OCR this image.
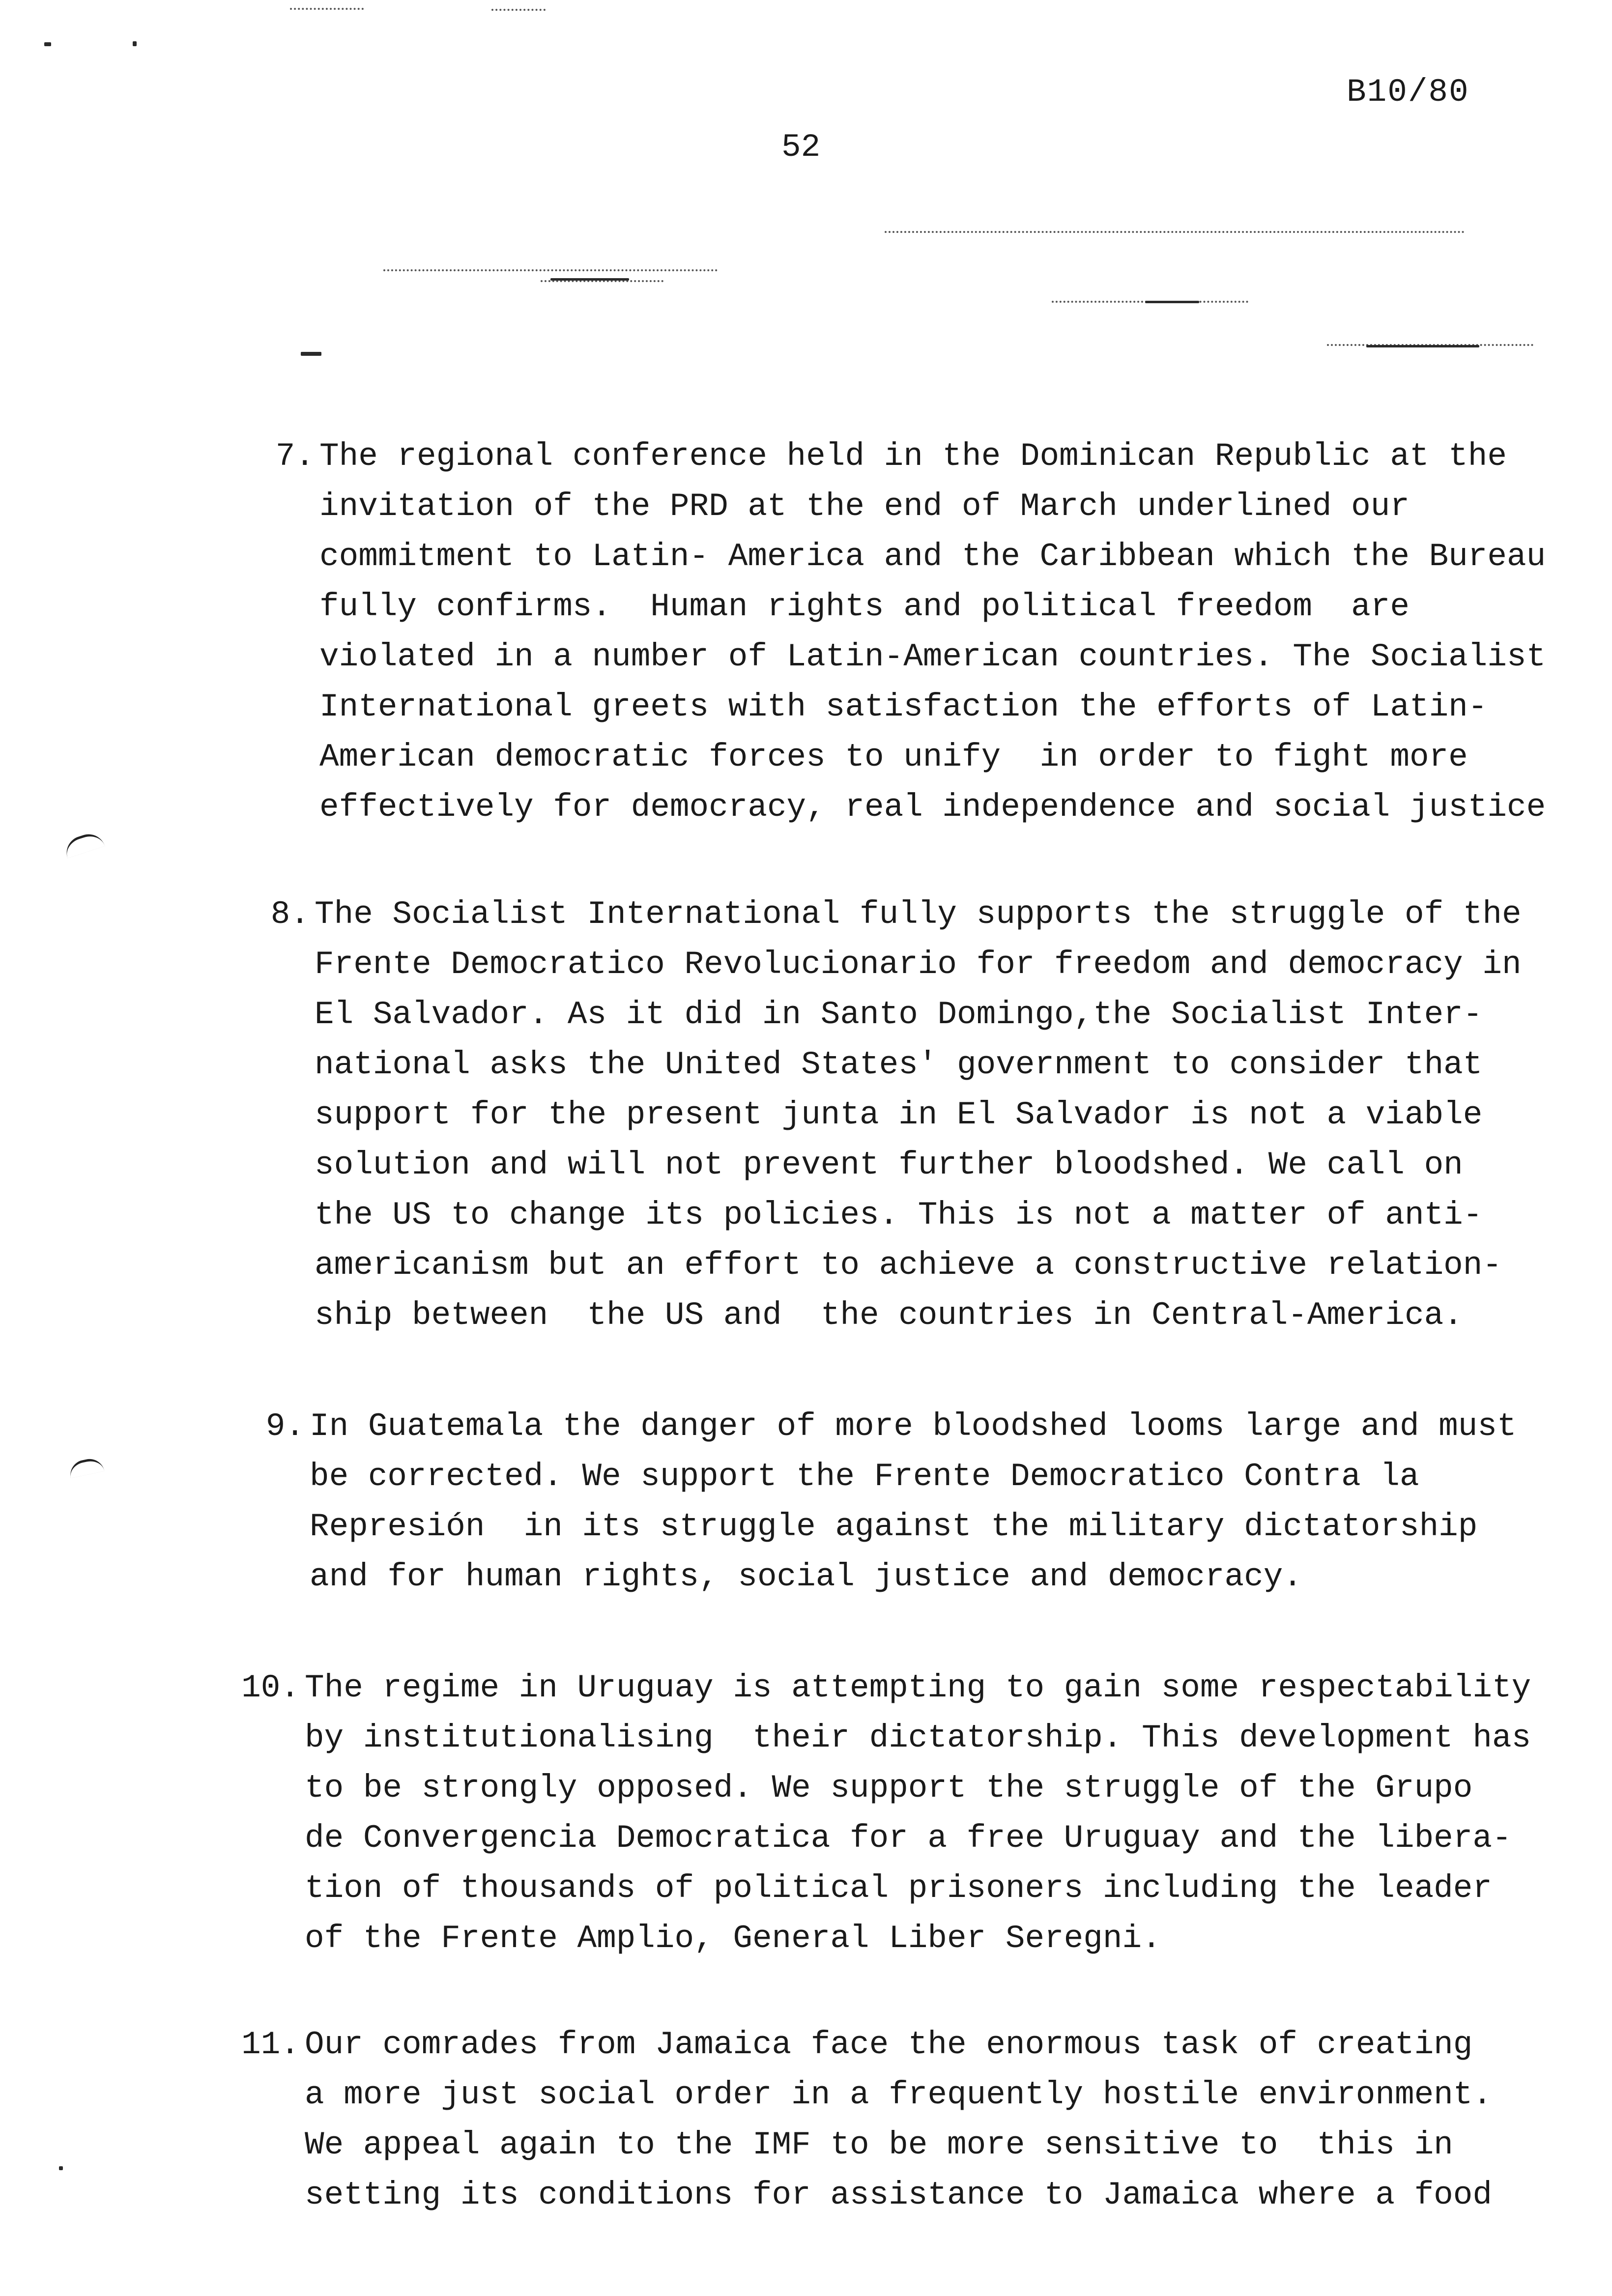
B10/80
52
7. The regional conference held in the Dominican Republic at the
invitation of the PRD at the end of March underlined our
commitment to Latin- America and the Caribbean which the Bureau
fully confirms.  Human rights and political freedom  are
violated in a number of Latin-American countries. The Socialist
International greets with satisfaction the efforts of Latin-
American democratic forces to unify  in order to fight more
effectively for democracy, real independence and social justice
8. The Socialist International fully supports the struggle of the
Frente Democratico Revolucionario for freedom and democracy in
El Salvador. As it did in Santo Domingo,the Socialist Inter-
national asks the United States' government to consider that
support for the present junta in El Salvador is not a viable
solution and will not prevent further bloodshed. We call on
the US to change its policies. This is not a matter of anti-
americanism but an effort to achieve a constructive relation-
ship between  the US and  the countries in Central-America.
9. In Guatemala the danger of more bloodshed looms large and must
be corrected. We support the Frente Democratico Contra la
Represión  in its struggle against the military dictatorship
and for human rights, social justice and democracy.
10. The regime in Uruguay is attempting to gain some respectability
by institutionalising  their dictatorship. This development has
to be strongly opposed. We support the struggle of the Grupo
de Convergencia Democratica for a free Uruguay and the libera-
tion of thousands of political prisoners including the leader
of the Frente Amplio, General Liber Seregni.
11. Our comrades from Jamaica face the enormous task of creating
a more just social order in a frequently hostile environment.
We appeal again to the IMF to be more sensitive to  this in
setting its conditions for assistance to Jamaica where a food
